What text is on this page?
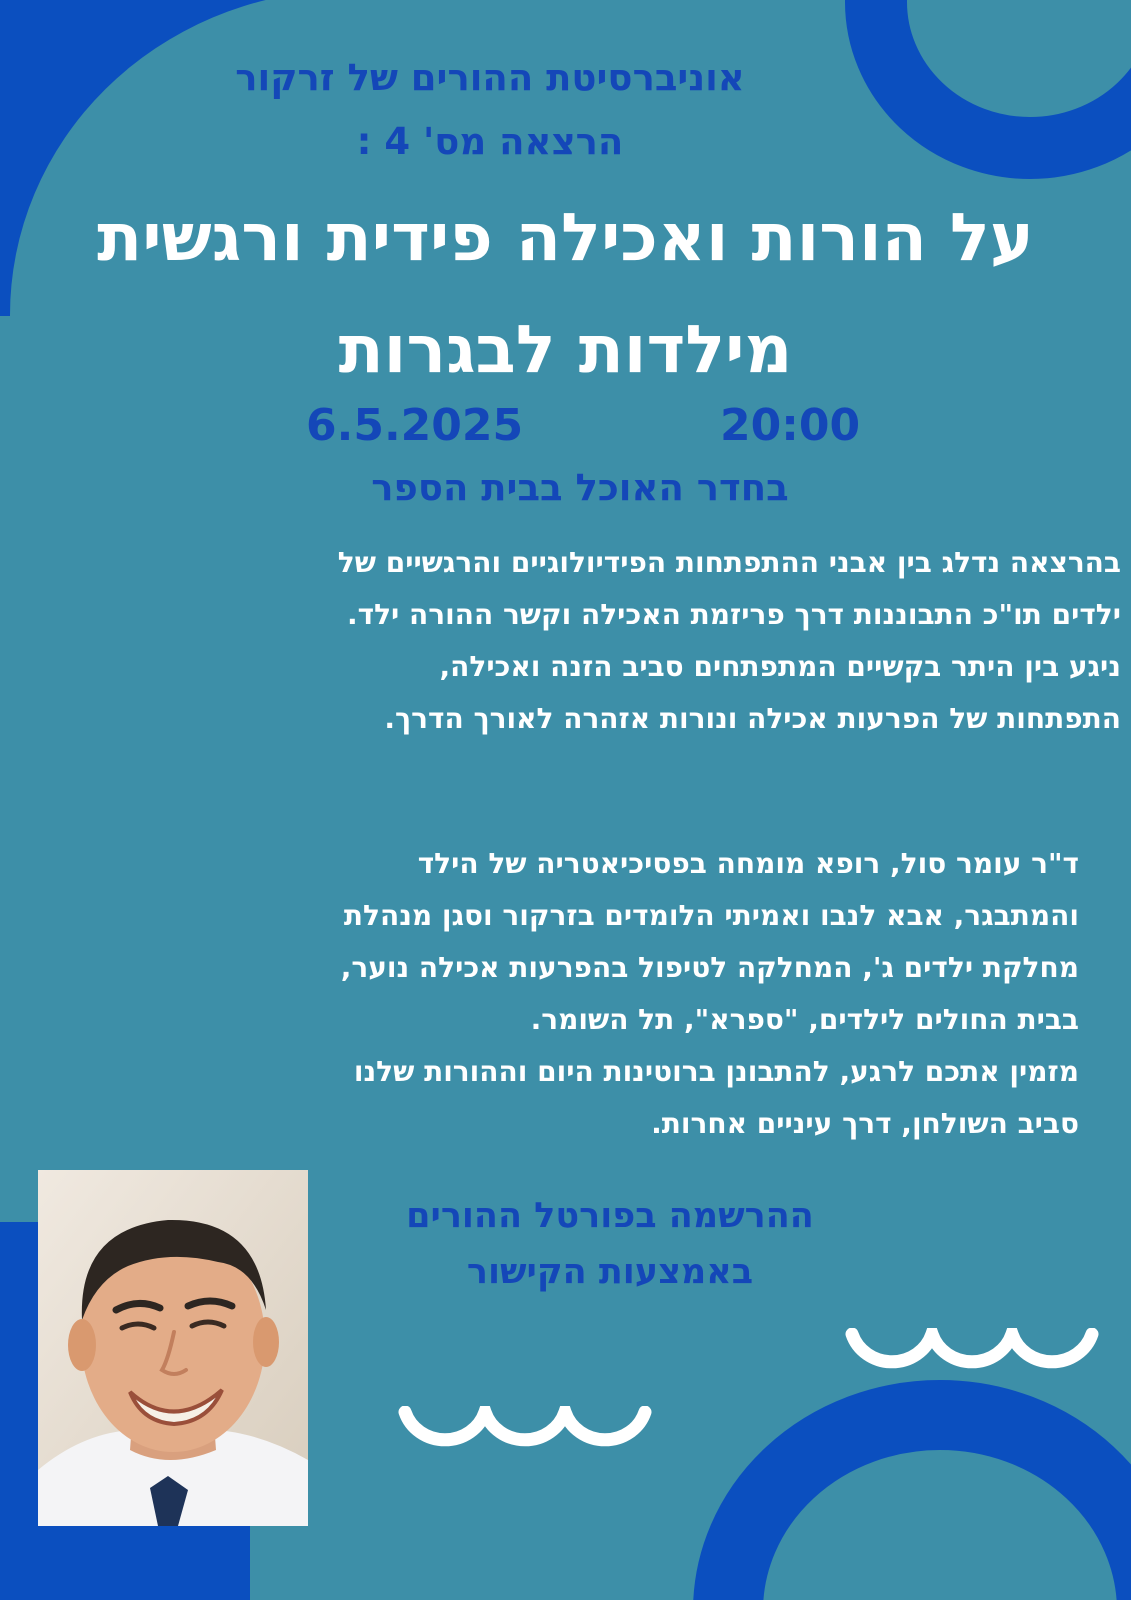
אוניברסיטת ההורים של זרקור

הרצאה מס' 4 :

על הורות ואכילה פידית ורגשית
מילדות לבגרות

20:00

6.5.2025

בחדר האוכל בבית הספר

בהרצאה נדלג בין אבני ההתפתחות הפידיולוגיים והרגשיים של
ילדים תו"כ התבוננות דרך פריזמת האכילה וקשר ההורה ילד.
ניגע בין היתר בקשיים המתפתחים סביב הזנה ואכילה,
התפתחות של הפרעות אכילה ונורות אזהרה לאורך הדרך.
ד"ר עומר סול, רופא מומחה בפסיכיאטריה של הילד
והמתבגר, אבא לנבו ואמיתי הלומדים בזרקור וסגן מנהלת
מחלקת ילדים ג', המחלקה לטיפול בהפרעות אכילה נוער,
בבית החולים לילדים, "ספרא", תל השומר.
מזמין אתכם לרגע, להתבונן ברוטינות היום וההורות שלנו
סביב השולחן, דרך עיניים אחרות.

ההרשמה בפורטל ההורים

באמצעות הקישור
